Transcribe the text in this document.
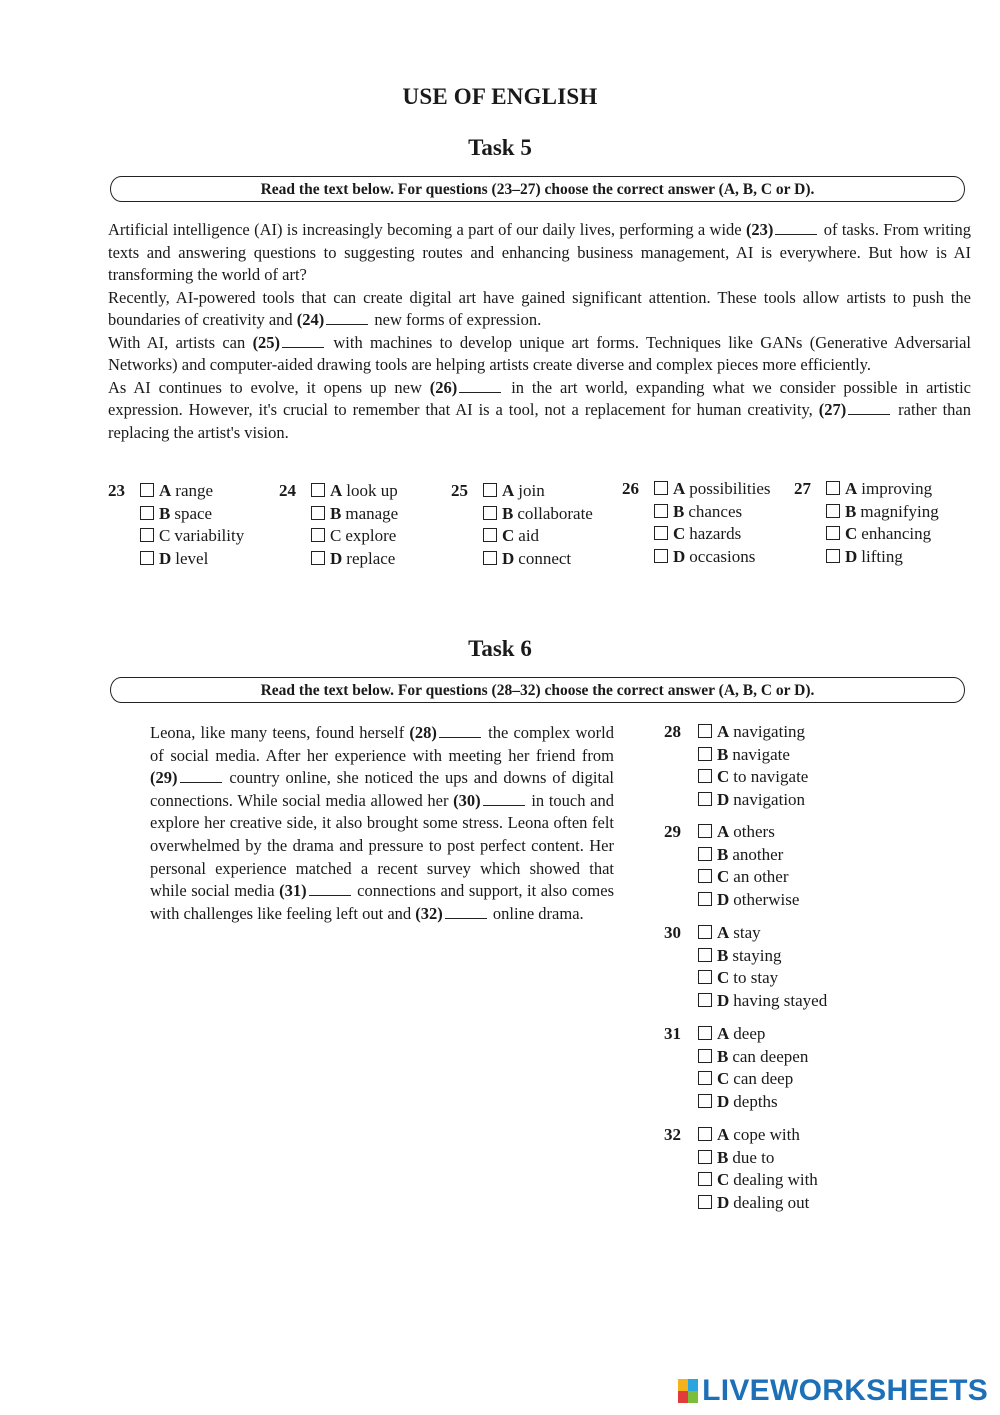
USE OF ENGLISH
Task 5
Read the text below. For questions (23–27) choose the correct answer (A, B, C or D).

Artificial intelligence (AI) is increasingly becoming a part of our daily lives, performing a wide (23)	of tasks. From writing texts and answering questions to suggesting routes and enhancing business management, AI is everywhere. But how is AI transforming the world of art?

Recently, AI-powered tools that can create digital art have gained significant attention. These tools allow artists to push the boundaries of creativity and (24)	new forms of expression.

With AI, artists can (25)	with machines to develop unique art forms. Techniques like GANs (Generative Adversarial Networks) and computer-aided drawing tools are helping artists create diverse and complex pieces more efficiently.

As AI continues to evolve, it opens up new (26)	in the art world, expanding what we consider possible in artistic expression. However, it's crucial to remember that AI is a tool, not a replacement for human creativity, (27)	rather than replacing the artist's vision.

23	A range
B space
C variability
D level
24	A look up
B manage
C explore
D replace
25	A join
B collaborate
C aid
D connect
26	A possibilities
B chances
C hazards
D occasions
27	A improving
B magnifying
C enhancing
D lifting
Task 6
Read the text below. For questions (28–32) choose the correct answer (A, B, C or D).

Leona, like many teens, found herself (28)	the complex world of social media. After her experience with meeting her friend from (29)	country online, she noticed the ups and downs of digital connections. While social media allowed her (30)	in touch and explore her creative side, it also brought some stress. Leona often felt overwhelmed by the drama and pressure to post perfect content. Her personal experience matched a recent survey which showed that while social media (31)	connections and support, it also comes with challenges like feeling left out and (32)	online drama.

28	A navigating
B navigate
C to navigate
D navigation
29	A others
B another
C an other
D otherwise
30	A stay
B staying
C to stay
D having stayed
31	A deep
B can deepen
C can deep
D depths
32	A cope with
B due to
C dealing with
D dealing out
LIVEWORKSHEETS
